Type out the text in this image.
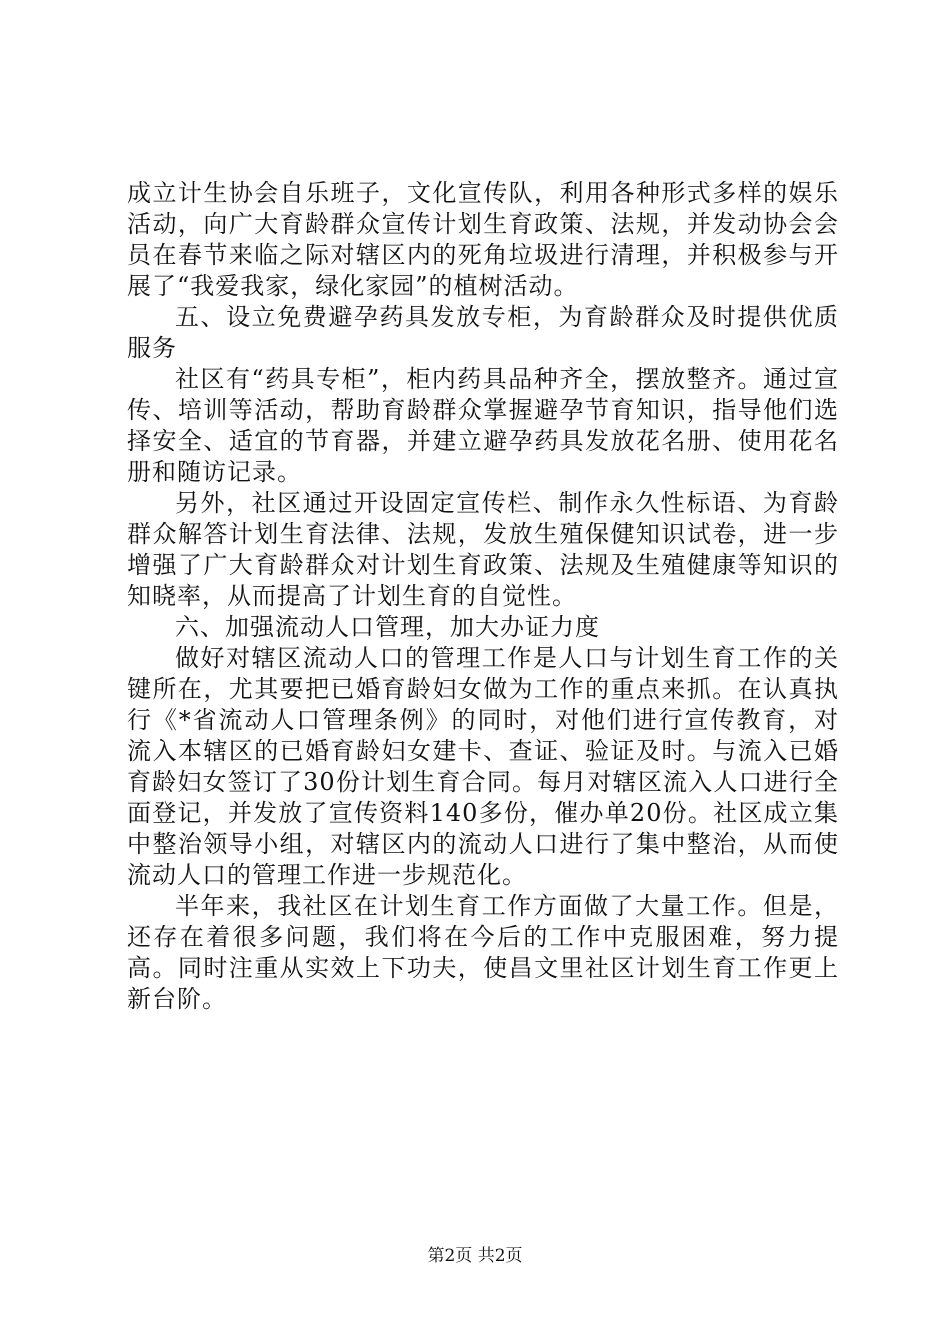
成立计生协会自乐班子，文化宣传队，利用各种形式多样的娱乐活动，向广大育龄群众宣传计划生育政策、法规，并发动协会会员在春节来临之际对辖区内的死角垃圾进行清理，并积极参与开展了“我爱我家，绿化家园”的植树活动。

五、设立免费避孕药具发放专柜，为育龄群众及时提供优质服务

社区有“药具专柜”，柜内药具品种齐全，摆放整齐。通过宣传、培训等活动，帮助育龄群众掌握避孕节育知识，指导他们选择安全、适宜的节育器，并建立避孕药具发放花名册、使用花名册和随访记录。

另外，社区通过开设固定宣传栏、制作永久性标语、为育龄群众解答计划生育法律、法规，发放生殖保健知识试卷，进一步增强了广大育龄群众对计划生育政策、法规及生殖健康等知识的知晓率，从而提高了计划生育的自觉性。

六、加强流动人口管理，加大办证力度

做好对辖区流动人口的管理工作是人口与计划生育工作的关键所在，尤其要把已婚育龄妇女做为工作的重点来抓。在认真执行《*省流动人口管理条例》的同时，对他们进行宣传教育，对流入本辖区的已婚育龄妇女建卡、查证、验证及时。与流入已婚育龄妇女签订了30份计划生育合同。每月对辖区流入人口进行全面登记，并发放了宣传资料140多份，催办单20份。社区成立集中整治领导小组，对辖区内的流动人口进行了集中整治，从而使流动人口的管理工作进一步规范化。

半年来，我社区在计划生育工作方面做了大量工作。但是，还存在着很多问题，我们将在今后的工作中克服困难，努力提高。同时注重从实效上下功夫，使昌文里社区计划生育工作更上新台阶。

第2页 共2页
